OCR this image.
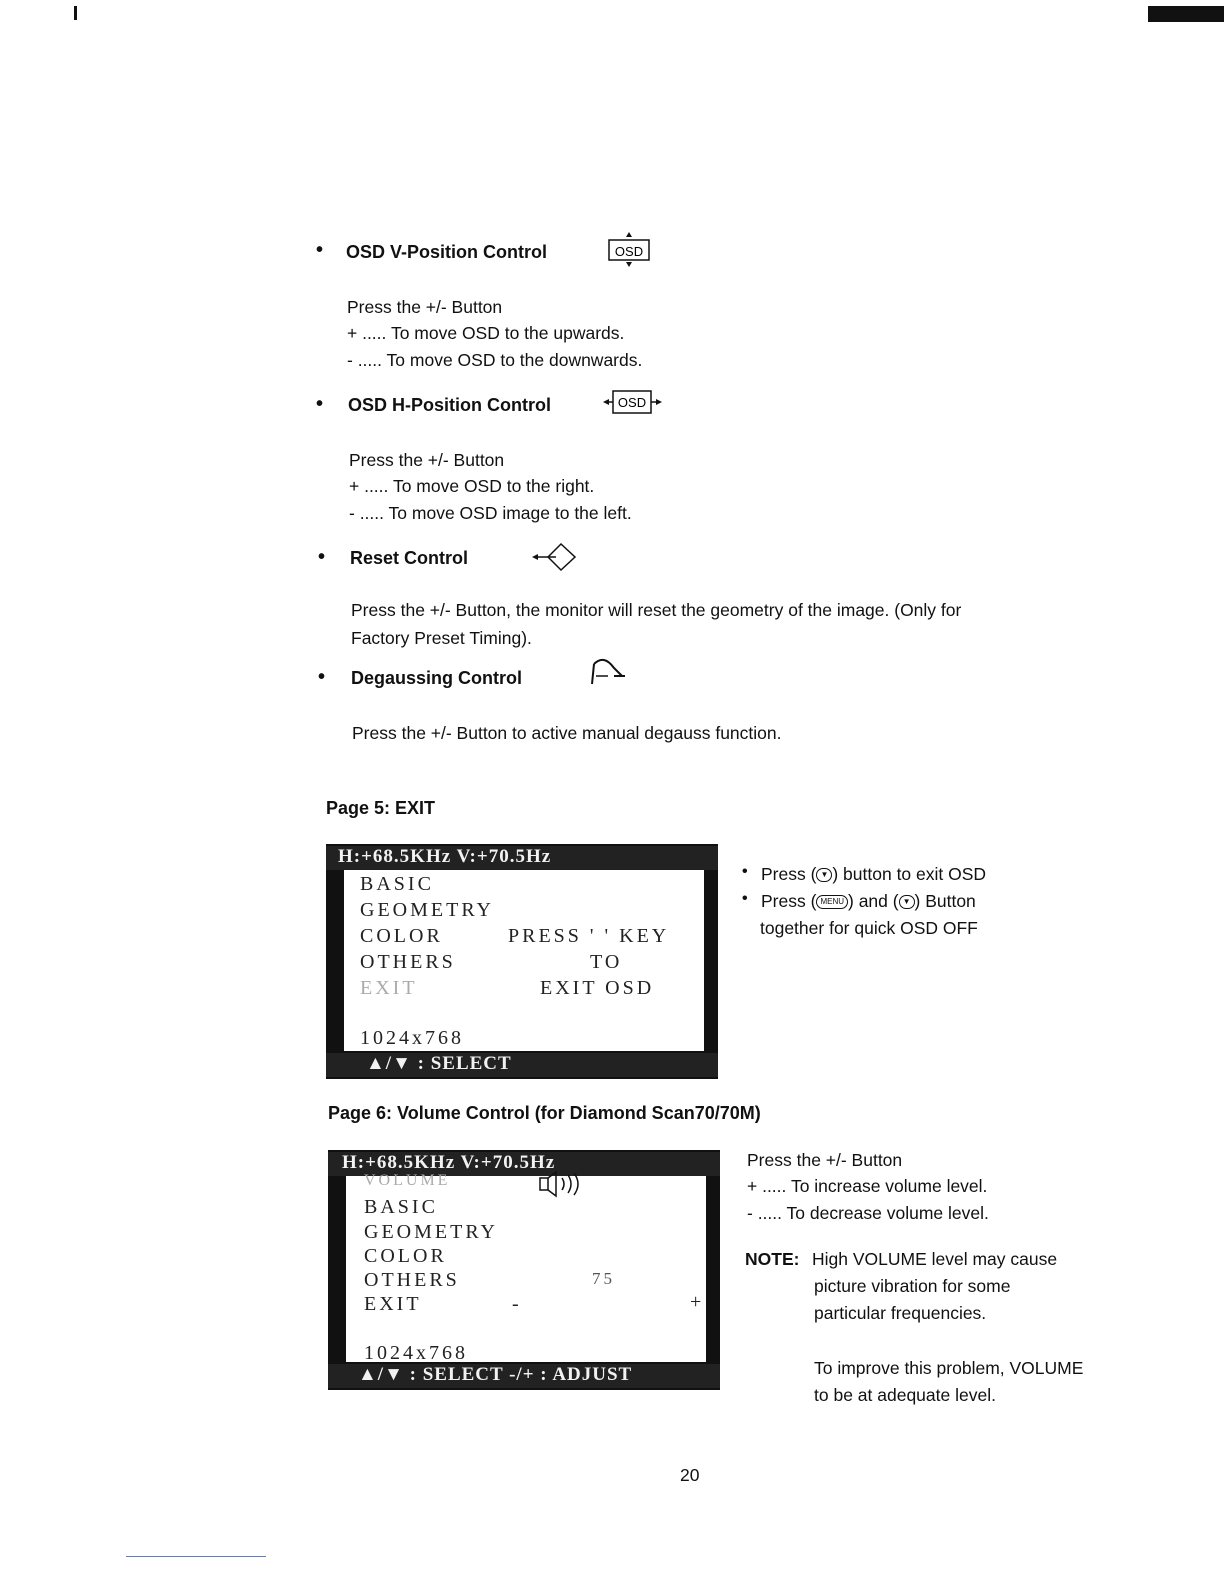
• OSD V-Position Control	OSD
Press the +/- Button
+ ..... To move OSD to the upwards.
- ..... To move OSD to the downwards.
• OSD H-Position Control	OSD
Press the +/- Button
+ ..... To move OSD to the right.
- ..... To move OSD image to the left.
• Reset Control
Press the +/- Button, the monitor will reset the geometry of the image. (Only for
Factory Preset Timing).
• Degaussing Control
Press the +/- Button to active manual degauss function.
Page 5: EXIT
H:+68.5KHz V:+70.5Hz
BASIC
GEOMETRY
COLOR
OTHERS
EXIT
PRESS ' ' KEY
TO
EXIT OSD
1024x768
▲/▼ : SELECT
• Press ( ▼ ) button to exit OSD
• Press ( MENU ) and ( ▼ ) Button
together for quick OSD OFF
Page 6: Volume Control (for Diamond Scan70/70M)
H:+68.5KHz V:+70.5Hz
VOLUME
BASIC
GEOMETRY
COLOR
OTHERS
EXIT
75
-	+
1024x768
▲/▼ : SELECT -/+ : ADJUST
Press the +/- Button
+ ..... To increase volume level.
- ..... To decrease volume level.
NOTE: High VOLUME level may cause
picture vibration for some
particular frequencies.
To improve this problem, VOLUME
to be at adequate level.
20
